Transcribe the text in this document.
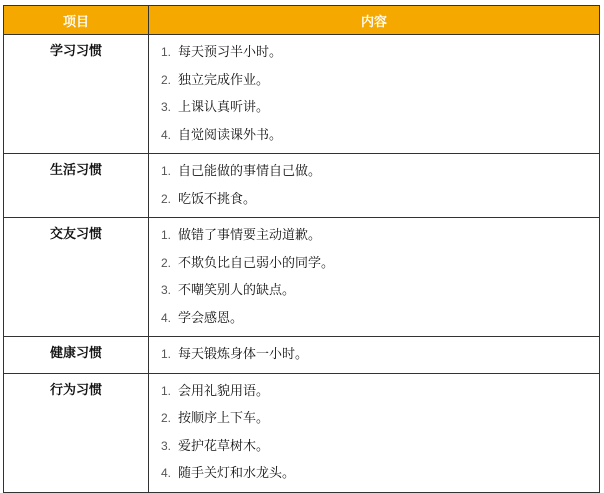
项目	内容
学习习惯	1. 每天预习半小时。
2. 独立完成作业。
3. 上课认真听讲。
4. 自觉阅读课外书。

生活习惯	1. 自己能做的事情自己做。
2. 吃饭不挑食。

交友习惯	1. 做错了事情要主动道歉。
2. 不欺负比自己弱小的同学。
3. 不嘲笑别人的缺点。
4. 学会感恩。

健康习惯	1. 每天锻炼身体一小时。

行为习惯	1. 会用礼貌用语。
2. 按顺序上下车。
3. 爱护花草树木。
4. 随手关灯和水龙头。
